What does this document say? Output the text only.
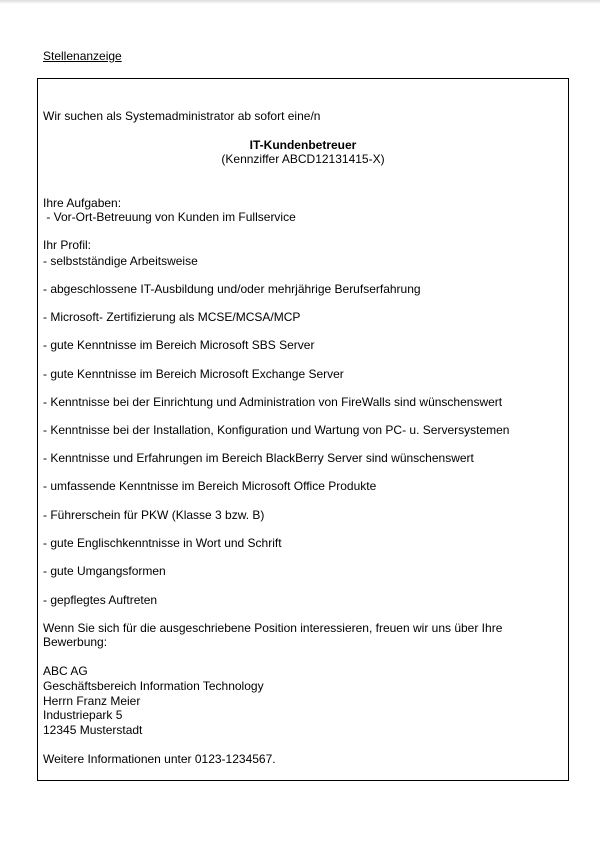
Stellenanzeige
Wir suchen als Systemadministrator ab sofort eine/n
IT-Kundenbetreuer
(Kennziffer ABCD12131415-X)
Ihre Aufgaben:
- Vor-Ort-Betreuung von Kunden im Fullservice
Ihr Profil:
- selbstständige Arbeitsweise
- abgeschlossene IT-Ausbildung und/oder mehrjährige Berufserfahrung
- Microsoft- Zertifizierung als MCSE/MCSA/MCP
- gute Kenntnisse im Bereich Microsoft SBS Server
- gute Kenntnisse im Bereich Microsoft Exchange Server
- Kenntnisse bei der Einrichtung und Administration von FireWalls sind wünschenswert
- Kenntnisse bei der Installation, Konfiguration und Wartung von PC- u. Serversystemen
- Kenntnisse und Erfahrungen im Bereich BlackBerry Server sind wünschenswert
- umfassende Kenntnisse im Bereich Microsoft Office Produkte
- Führerschein für PKW (Klasse 3 bzw. B)
- gute Englischkenntnisse in Wort und Schrift
- gute Umgangsformen
- gepflegtes Auftreten
Wenn Sie sich für die ausgeschriebene Position interessieren, freuen wir uns über Ihre
Bewerbung:
ABC AG
Geschäftsbereich Information Technology
Herrn Franz Meier
Industriepark 5
12345 Musterstadt
Weitere Informationen unter 0123-1234567.
